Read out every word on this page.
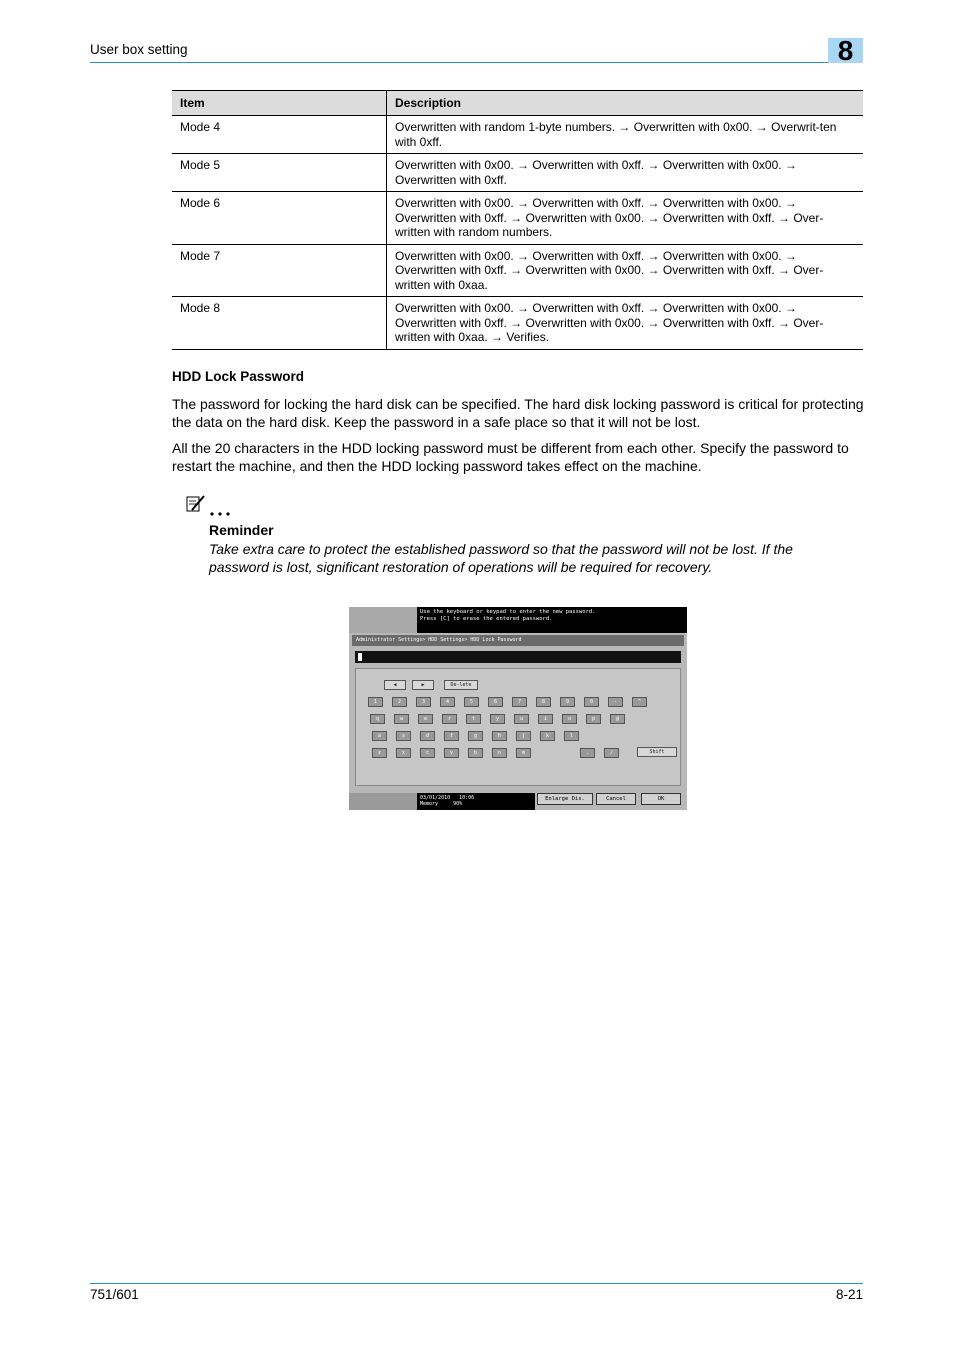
User box setting	8
Item	Description
Mode 4	Overwritten with random 1-byte numbers. → Overwritten with 0x00. → Overwrit-ten with 0xff.
Mode 5	Overwritten with 0x00. → Overwritten with 0xff. → Overwritten with 0x00. → Overwritten with 0xff.
Mode 6	Overwritten with 0x00. → Overwritten with 0xff. → Overwritten with 0x00. → Overwritten with 0xff. → Overwritten with 0x00. → Overwritten with 0xff. → Over-written with random numbers.
Mode 7	Overwritten with 0x00. → Overwritten with 0xff. → Overwritten with 0x00. → Overwritten with 0xff. → Overwritten with 0x00. → Overwritten with 0xff. → Over-written with 0xaa.
Mode 8	Overwritten with 0x00. → Overwritten with 0xff. → Overwritten with 0x00. → Overwritten with 0xff. → Overwritten with 0x00. → Overwritten with 0xff. → Over-written with 0xaa. → Verifies.
HDD Lock Password
The password for locking the hard disk can be specified. The hard disk locking password is critical for protecting the data on the hard disk. Keep the password in a safe place so that it will not be lost.
All the 20 characters in the HDD locking password must be different from each other. Specify the password to restart the machine, and then the HDD locking password takes effect on the machine.
Reminder
Take extra care to protect the established password so that the password will not be lost. If the password is lost, significant restoration of operations will be required for recovery.
Use the keyboard or keypad to enter the new password.
Press [C] to erase the entered password.
Administrator Settings> HDD Settings> HDD Lock Password
◀	▶	De-lete
1	2	3	4	5	6	7	8	9	0	-	^
q	w	e	r	t	y	u	i	o	p	@
a	s	d	f	g	h	j	k	l
z	x	c	v	b	n	m	.	/	Shift
03/01/2010 10:06
Memory	90%
Enlarge Dis.	Cancel	OK
751/601	8-21
